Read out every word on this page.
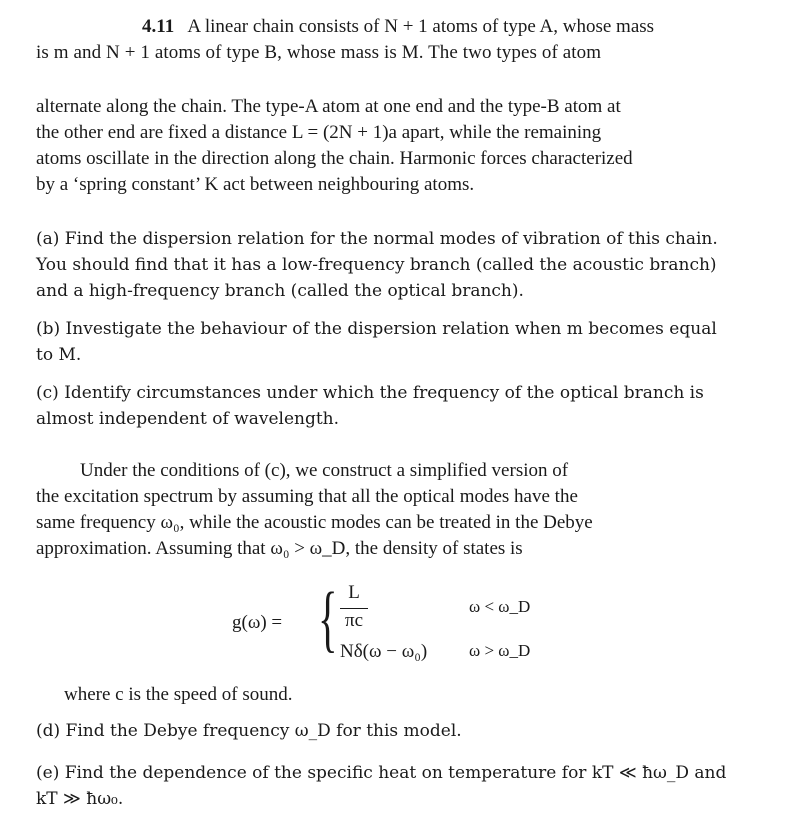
4.11 A linear chain consists of N + 1 atoms of type A, whose mass
is m and N + 1 atoms of type B, whose mass is M. The two types of atom
alternate along the chain. The type-A atom at one end and the type-B atom at
the other end are fixed a distance L = (2N + 1)a apart, while the remaining
atoms oscillate in the direction along the chain. Harmonic forces characterized
by a ‘spring constant’ K act between neighbouring atoms.
(a) Find the dispersion relation for the normal modes of vibration of this chain.
You should find that it has a low-frequency branch (called the acoustic branch)
and a high-frequency branch (called the optical branch).
(b) Investigate the behaviour of the dispersion relation when m becomes equal
to M.
(c) Identify circumstances under which the frequency of the optical branch is
almost independent of wavelength.
Under the conditions of (c), we construct a simplified version of
the excitation spectrum by assuming that all the optical modes have the
same frequency ω₀, while the acoustic modes can be treated in the Debye
approximation. Assuming that ω₀ > ω_D, the density of states is
g(ω) = { L
πc
ω < ω_D
Nδ(ω − ω₀) ω > ω_D
where c is the speed of sound.
(d) Find the Debye frequency ω_D for this model.
(e) Find the dependence of the specific heat on temperature for kT ≪ ħω_D and
kT ≫ ħω₀.
